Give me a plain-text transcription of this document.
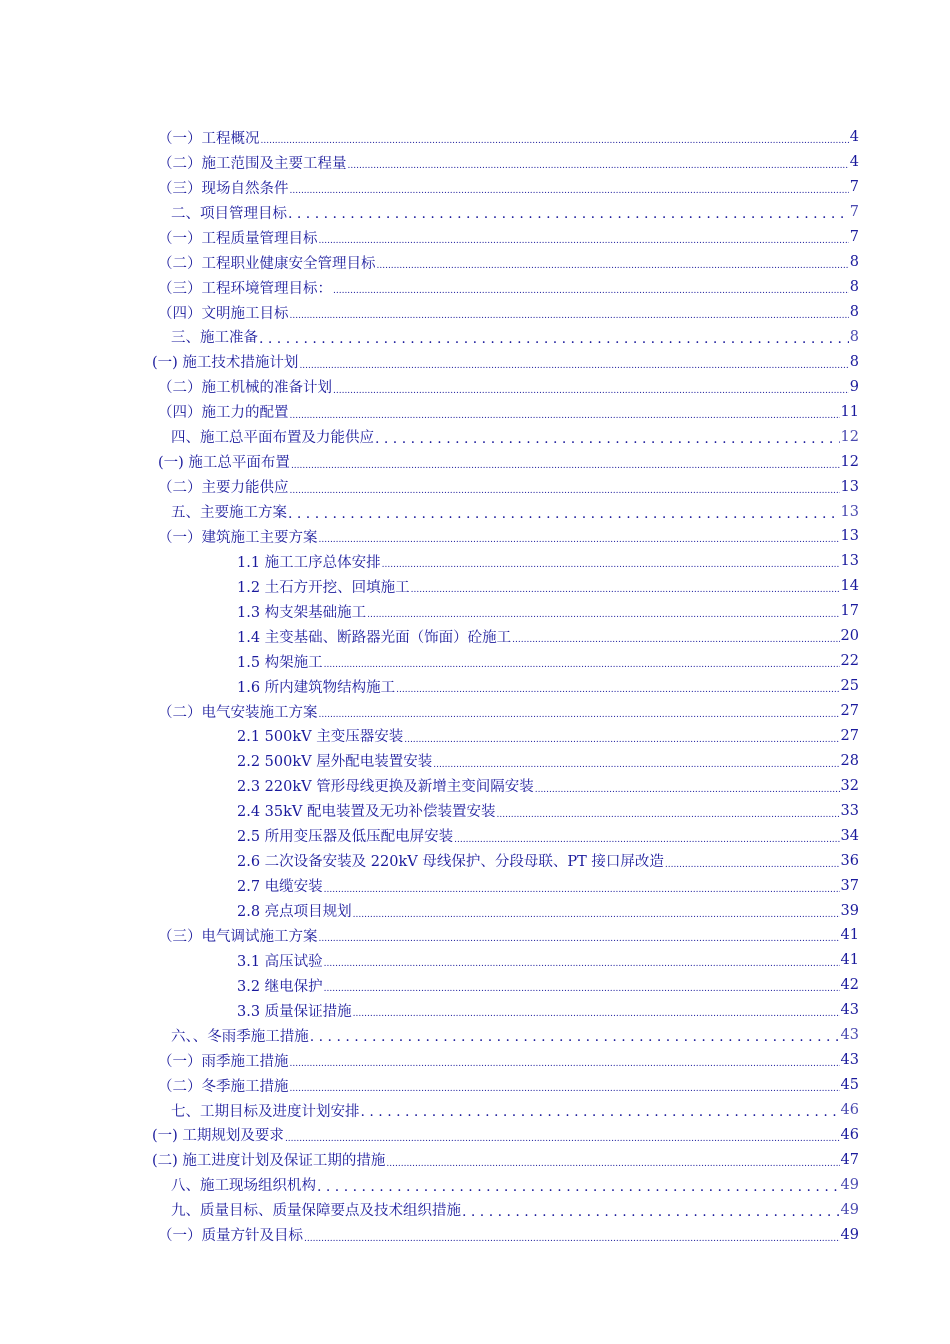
（一）工程概况 .....	4
（二）施工范围及主要工程量 .....	4
（三）现场自然条件 .....	7
二、项目管理目标 . . .	7
（一）工程质量管理目标 .....	7
（二）工程职业健康安全管理目标 .....	8
（三）工程环境管理目标： .....	8
（四）文明施工目标 .....	8
三、施工准备 . . .	8
(一) 施工技术措施计划 .....	8
（二）施工机械的准备计划 .....	9
（四）施工力的配置 .....	11
四、施工总平面布置及力能供应 . . .	12
(一) 施工总平面布置 .....	12
（二）主要力能供应 .....	13
五、主要施工方案 . . .	13
（一）建筑施工主要方案 .....	13
1.1 施工工序总体安排 .....	13
1.2 土石方开挖、回填施工 .....	14
1.3 构支架基础施工 .....	17
1.4 主变基础、断路器光面（饰面）砼施工 .....	20
1.5 构架施工 .....	22
1.6 所内建筑物结构施工 .....	25
（二）电气安装施工方案 .....	27
2.1 500kV 主变压器安装 .....	27
2.2 500kV 屋外配电装置安装 .....	28
2.3 220kV 管形母线更换及新增主变间隔安装 .....	32
2.4 35kV 配电装置及无功补偿装置安装 .....	33
2.5 所用变压器及低压配电屏安装 .....	34
2.6 二次设备安装及 220kV 母线保护、分段母联、PT 接口屏改造 .....	36
2.7 电缆安装 .....	37
2.8 亮点项目规划 .....	39
（三）电气调试施工方案 .....	41
3.1 高压试验 .....	41
3.2 继电保护 .....	42
3.3 质量保证措施 .....	43
六、、冬雨季施工措施 . . .	43
（一）雨季施工措施 .....	43
（二）冬季施工措施 .....	45
七、工期目标及进度计划安排 . . .	46
(一) 工期规划及要求 .....	46
(二) 施工进度计划及保证工期的措施 .....	47
八、施工现场组织机构 . . .	49
九、质量目标、质量保障要点及技术组织措施 . . .	49
（一）质量方针及目标 .....	49
